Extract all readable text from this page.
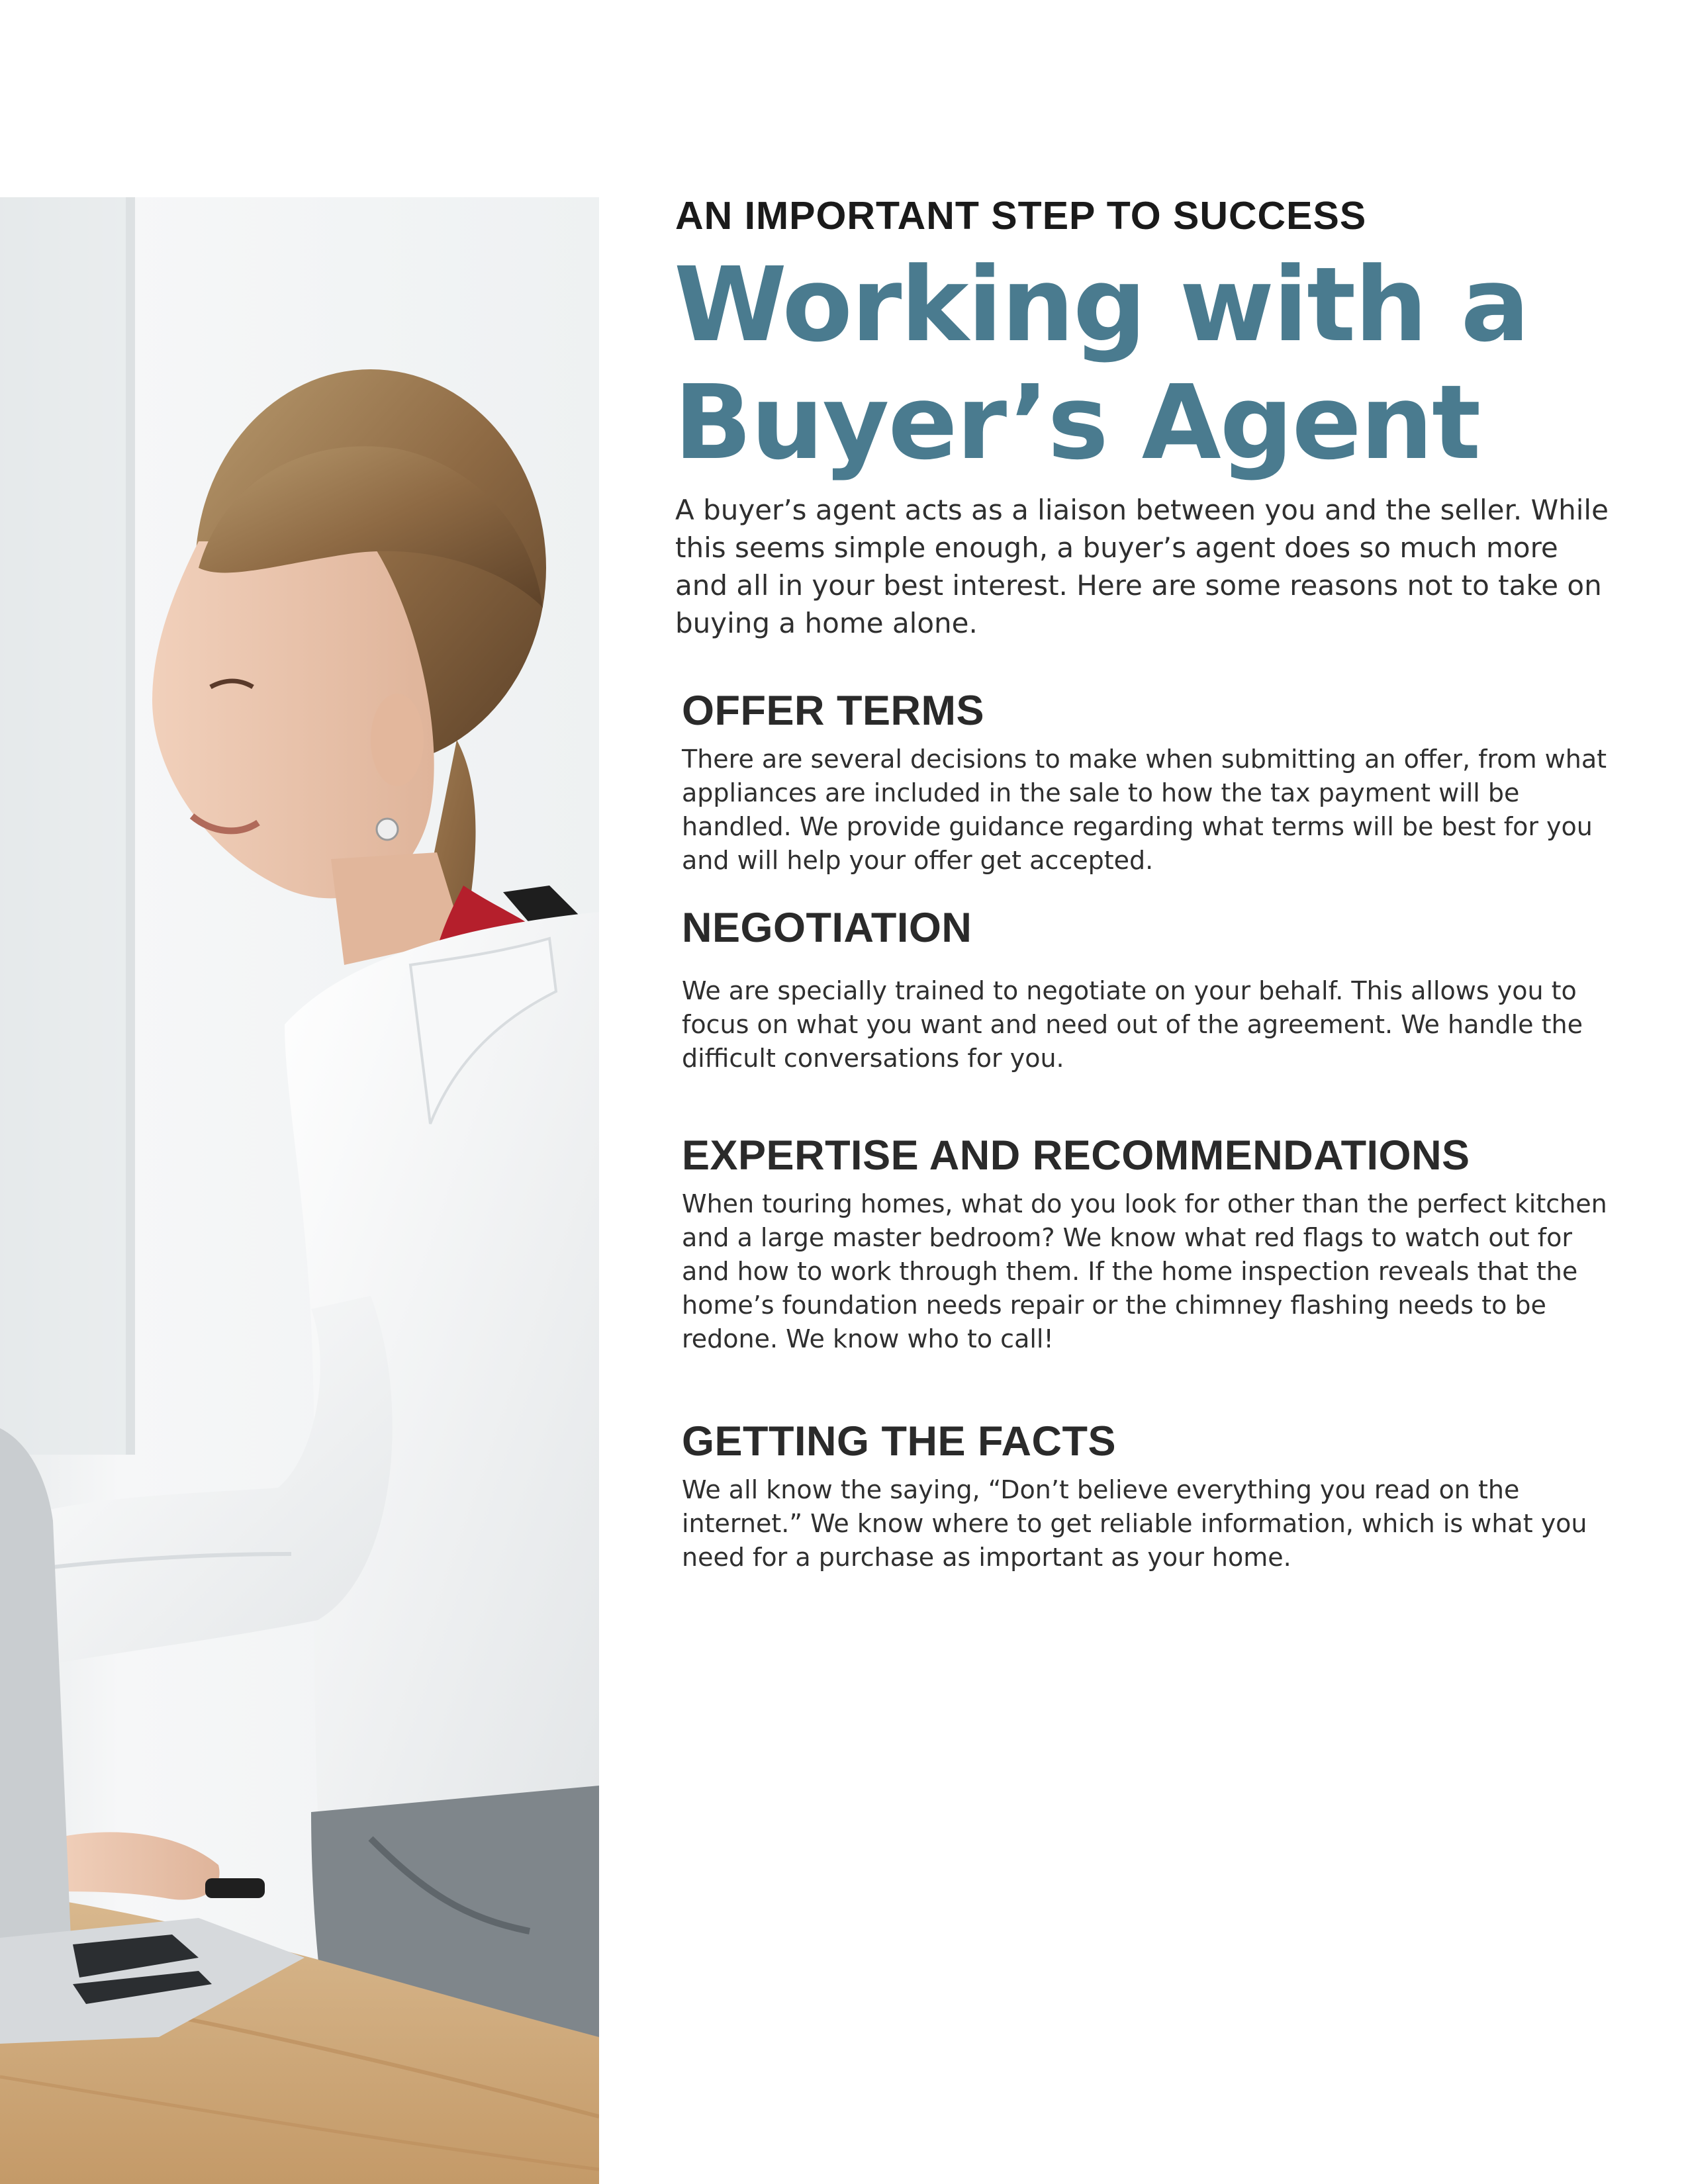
AN IMPORTANT STEP TO SUCCESS
Working with a Buyer’s Agent

A buyer’s agent acts as a liaison between you and the seller. While this seems simple enough, a buyer’s agent does so much more and all in your best interest. Here are some reasons not to take on buying a home alone.

OFFER TERMS

There are several decisions to make when submitting an offer, from what appliances are included in the sale to how the tax payment will be handled. We provide guidance regarding what terms will be best for you and will help your offer get accepted.

NEGOTIATION

We are specially trained to negotiate on your behalf. This allows you to focus on what you want and need out of the agreement. We handle the difficult conversations for you.

EXPERTISE AND RECOMMENDATIONS

When touring homes, what do you look for other than the perfect kitchen and a large master bedroom? We know what red flags to watch out for and how to work through them. If the home inspection reveals that the home’s foundation needs repair or the chimney flashing needs to be redone. We know who to call!

GETTING THE FACTS

We all know the saying, “Don’t believe everything you read on the internet.” We know where to get reliable information, which is what you need for a purchase as important as your home.
